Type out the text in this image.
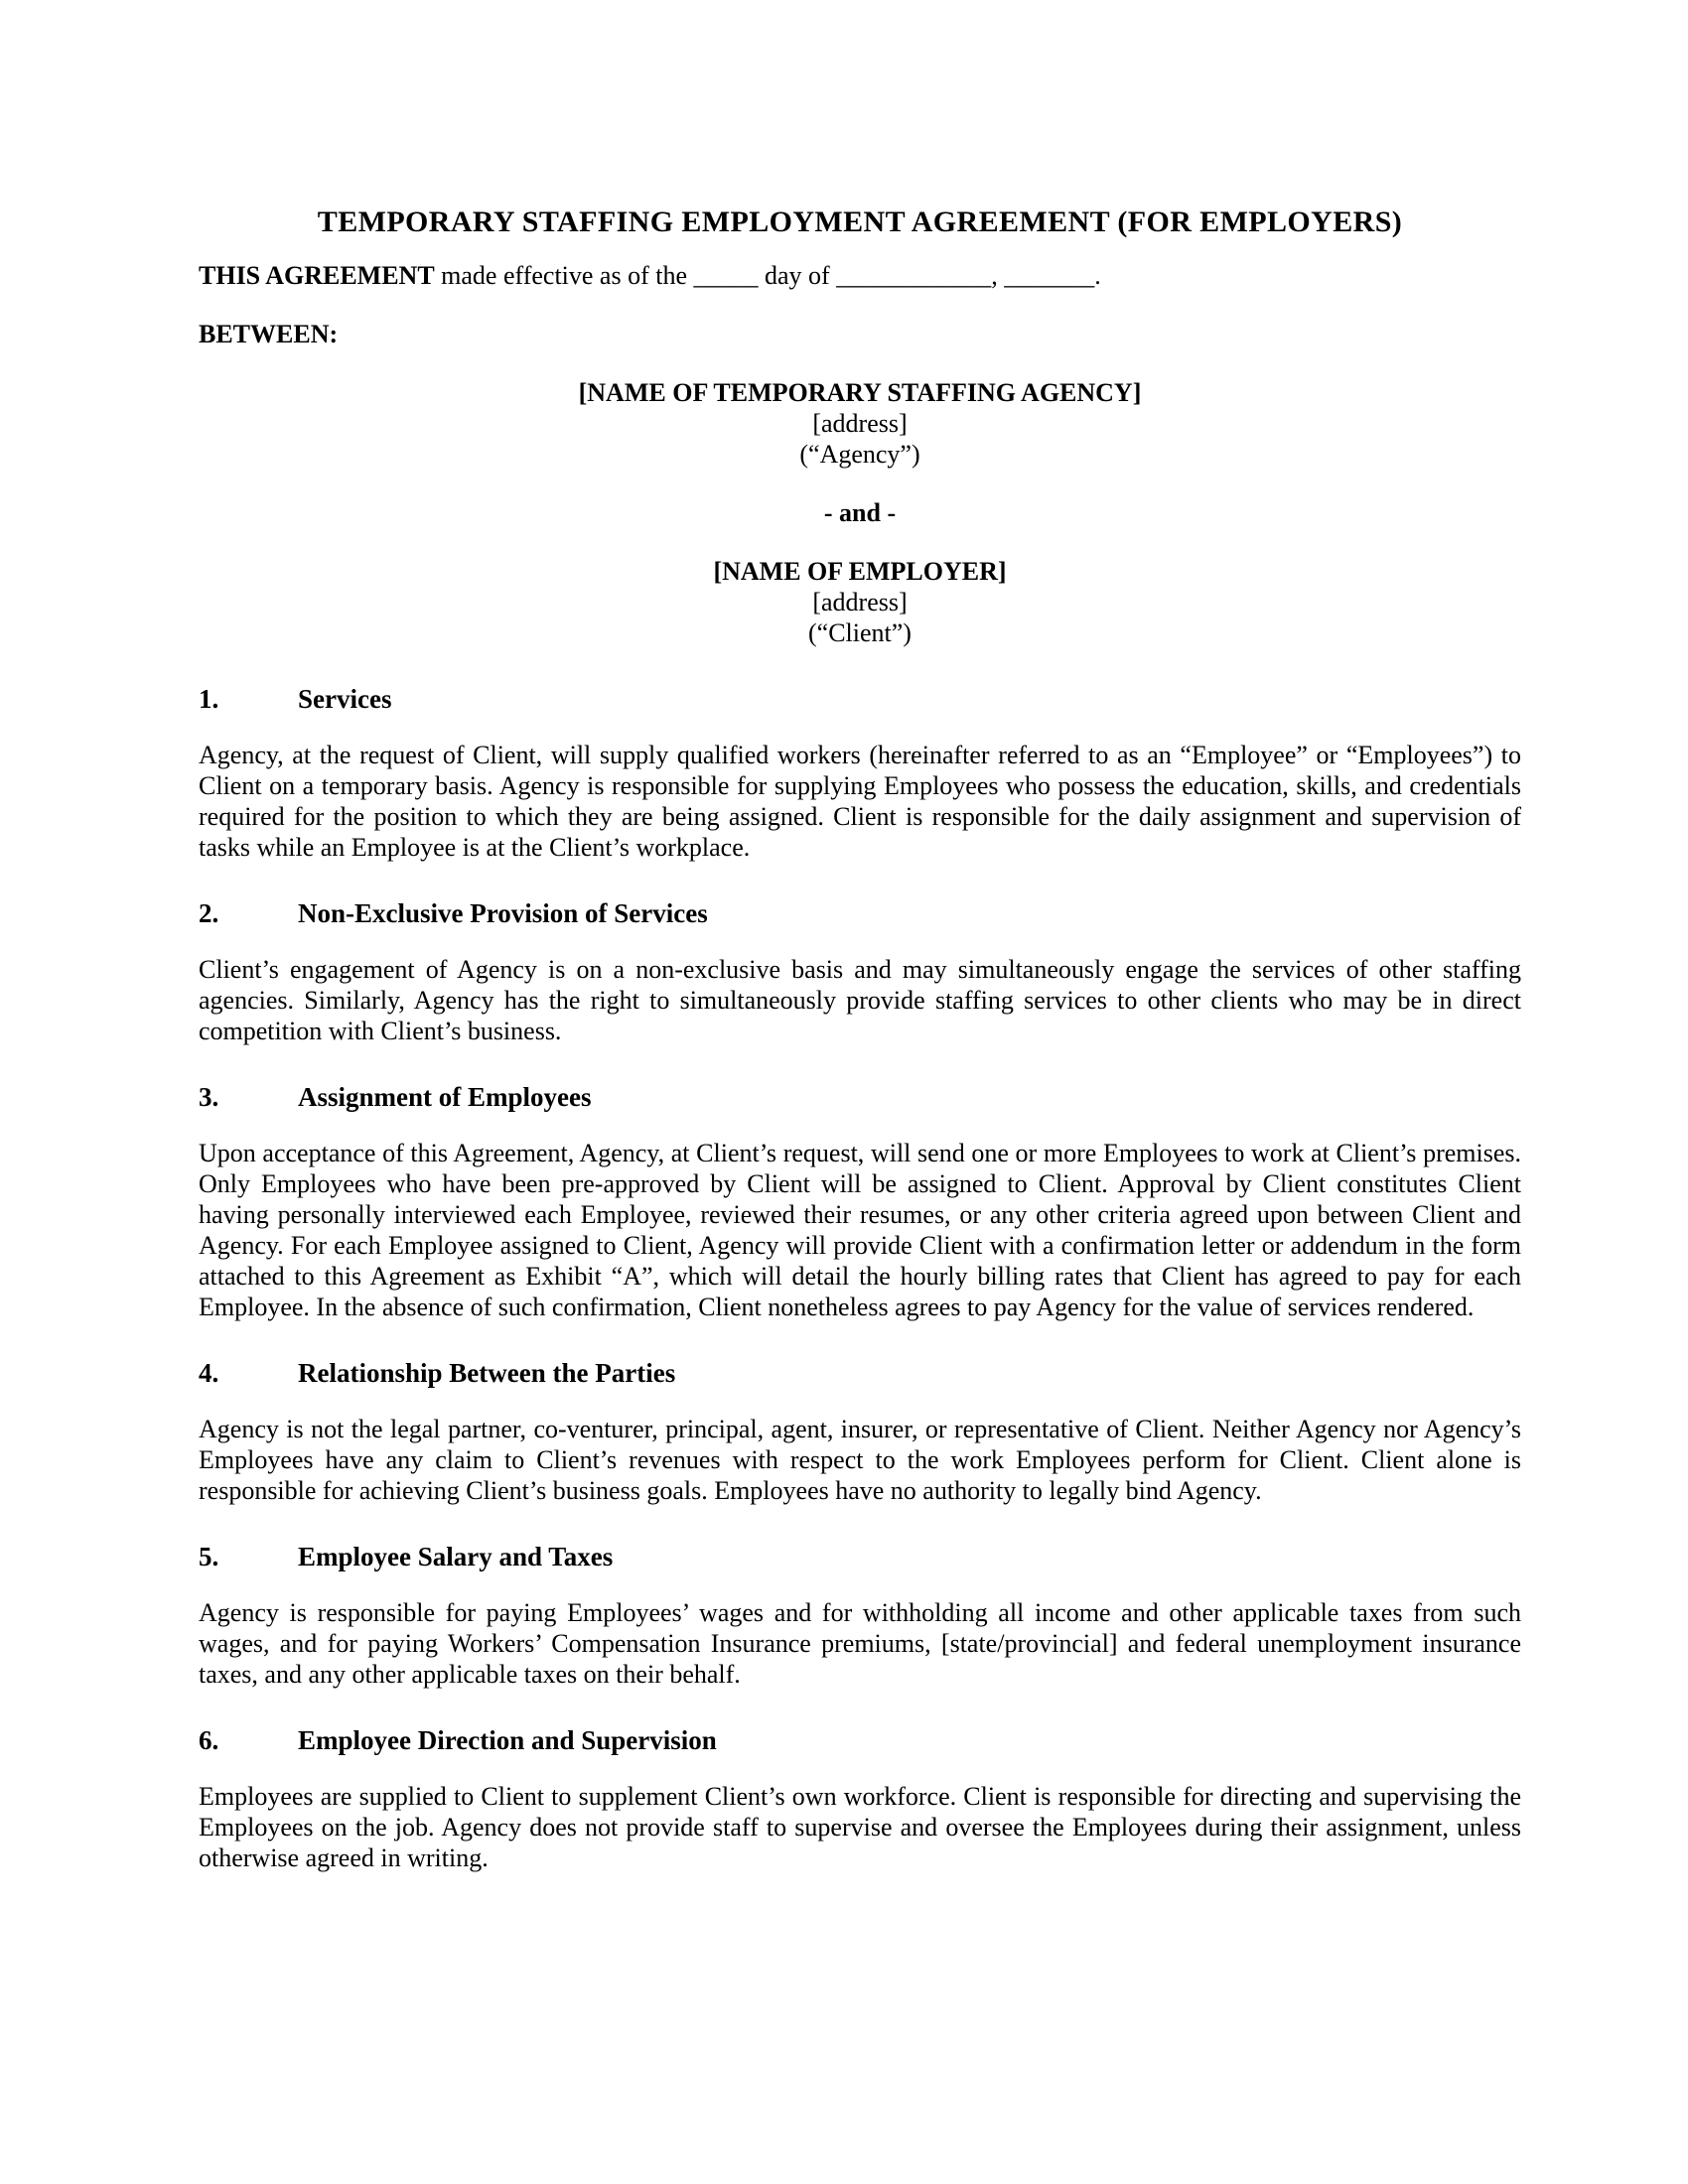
TEMPORARY STAFFING EMPLOYMENT AGREEMENT (FOR EMPLOYERS)

THIS AGREEMENT made effective as of the _____ day of ____________, _______.

BETWEEN:

[NAME OF TEMPORARY STAFFING AGENCY]
[address]
(“Agency”)
- and -
[NAME OF EMPLOYER]
[address]
(“Client”)
1.	Services

Agency, at the request of Client, will supply qualified workers (hereinafter referred to as an “Employee” or “Employees”) to Client on a temporary basis. Agency is responsible for supplying Employees who possess the education, skills, and credentials required for the position to which they are being assigned. Client is responsible for the daily assignment and supervision of tasks while an Employee is at the Client’s workplace.

2.	Non-Exclusive Provision of Services

Client’s engagement of Agency is on a non-exclusive basis and may simultaneously engage the services of other staffing agencies. Similarly, Agency has the right to simultaneously provide staffing services to other clients who may be in direct competition with Client’s business.

3.	Assignment of Employees

Upon acceptance of this Agreement, Agency, at Client’s request, will send one or more Employees to work at Client’s premises. Only Employees who have been pre-approved by Client will be assigned to Client. Approval by Client constitutes Client having personally interviewed each Employee, reviewed their resumes, or any other criteria agreed upon between Client and Agency. For each Employee assigned to Client, Agency will provide Client with a confirmation letter or addendum in the form attached to this Agreement as Exhibit “A”, which will detail the hourly billing rates that Client has agreed to pay for each Employee. In the absence of such confirmation, Client nonetheless agrees to pay Agency for the value of services rendered.

4.	Relationship Between the Parties

Agency is not the legal partner, co-venturer, principal, agent, insurer, or representative of Client. Neither Agency nor Agency’s Employees have any claim to Client’s revenues with respect to the work Employees perform for Client. Client alone is responsible for achieving Client’s business goals. Employees have no authority to legally bind Agency.

5.	Employee Salary and Taxes

Agency is responsible for paying Employees’ wages and for withholding all income and other applicable taxes from such wages, and for paying Workers’ Compensation Insurance premiums, [state/provincial] and federal unemployment insurance taxes, and any other applicable taxes on their behalf.

6.	Employee Direction and Supervision

Employees are supplied to Client to supplement Client’s own workforce. Client is responsible for directing and supervising the Employees on the job. Agency does not provide staff to supervise and oversee the Employees during their assignment, unless otherwise agreed in writing.
